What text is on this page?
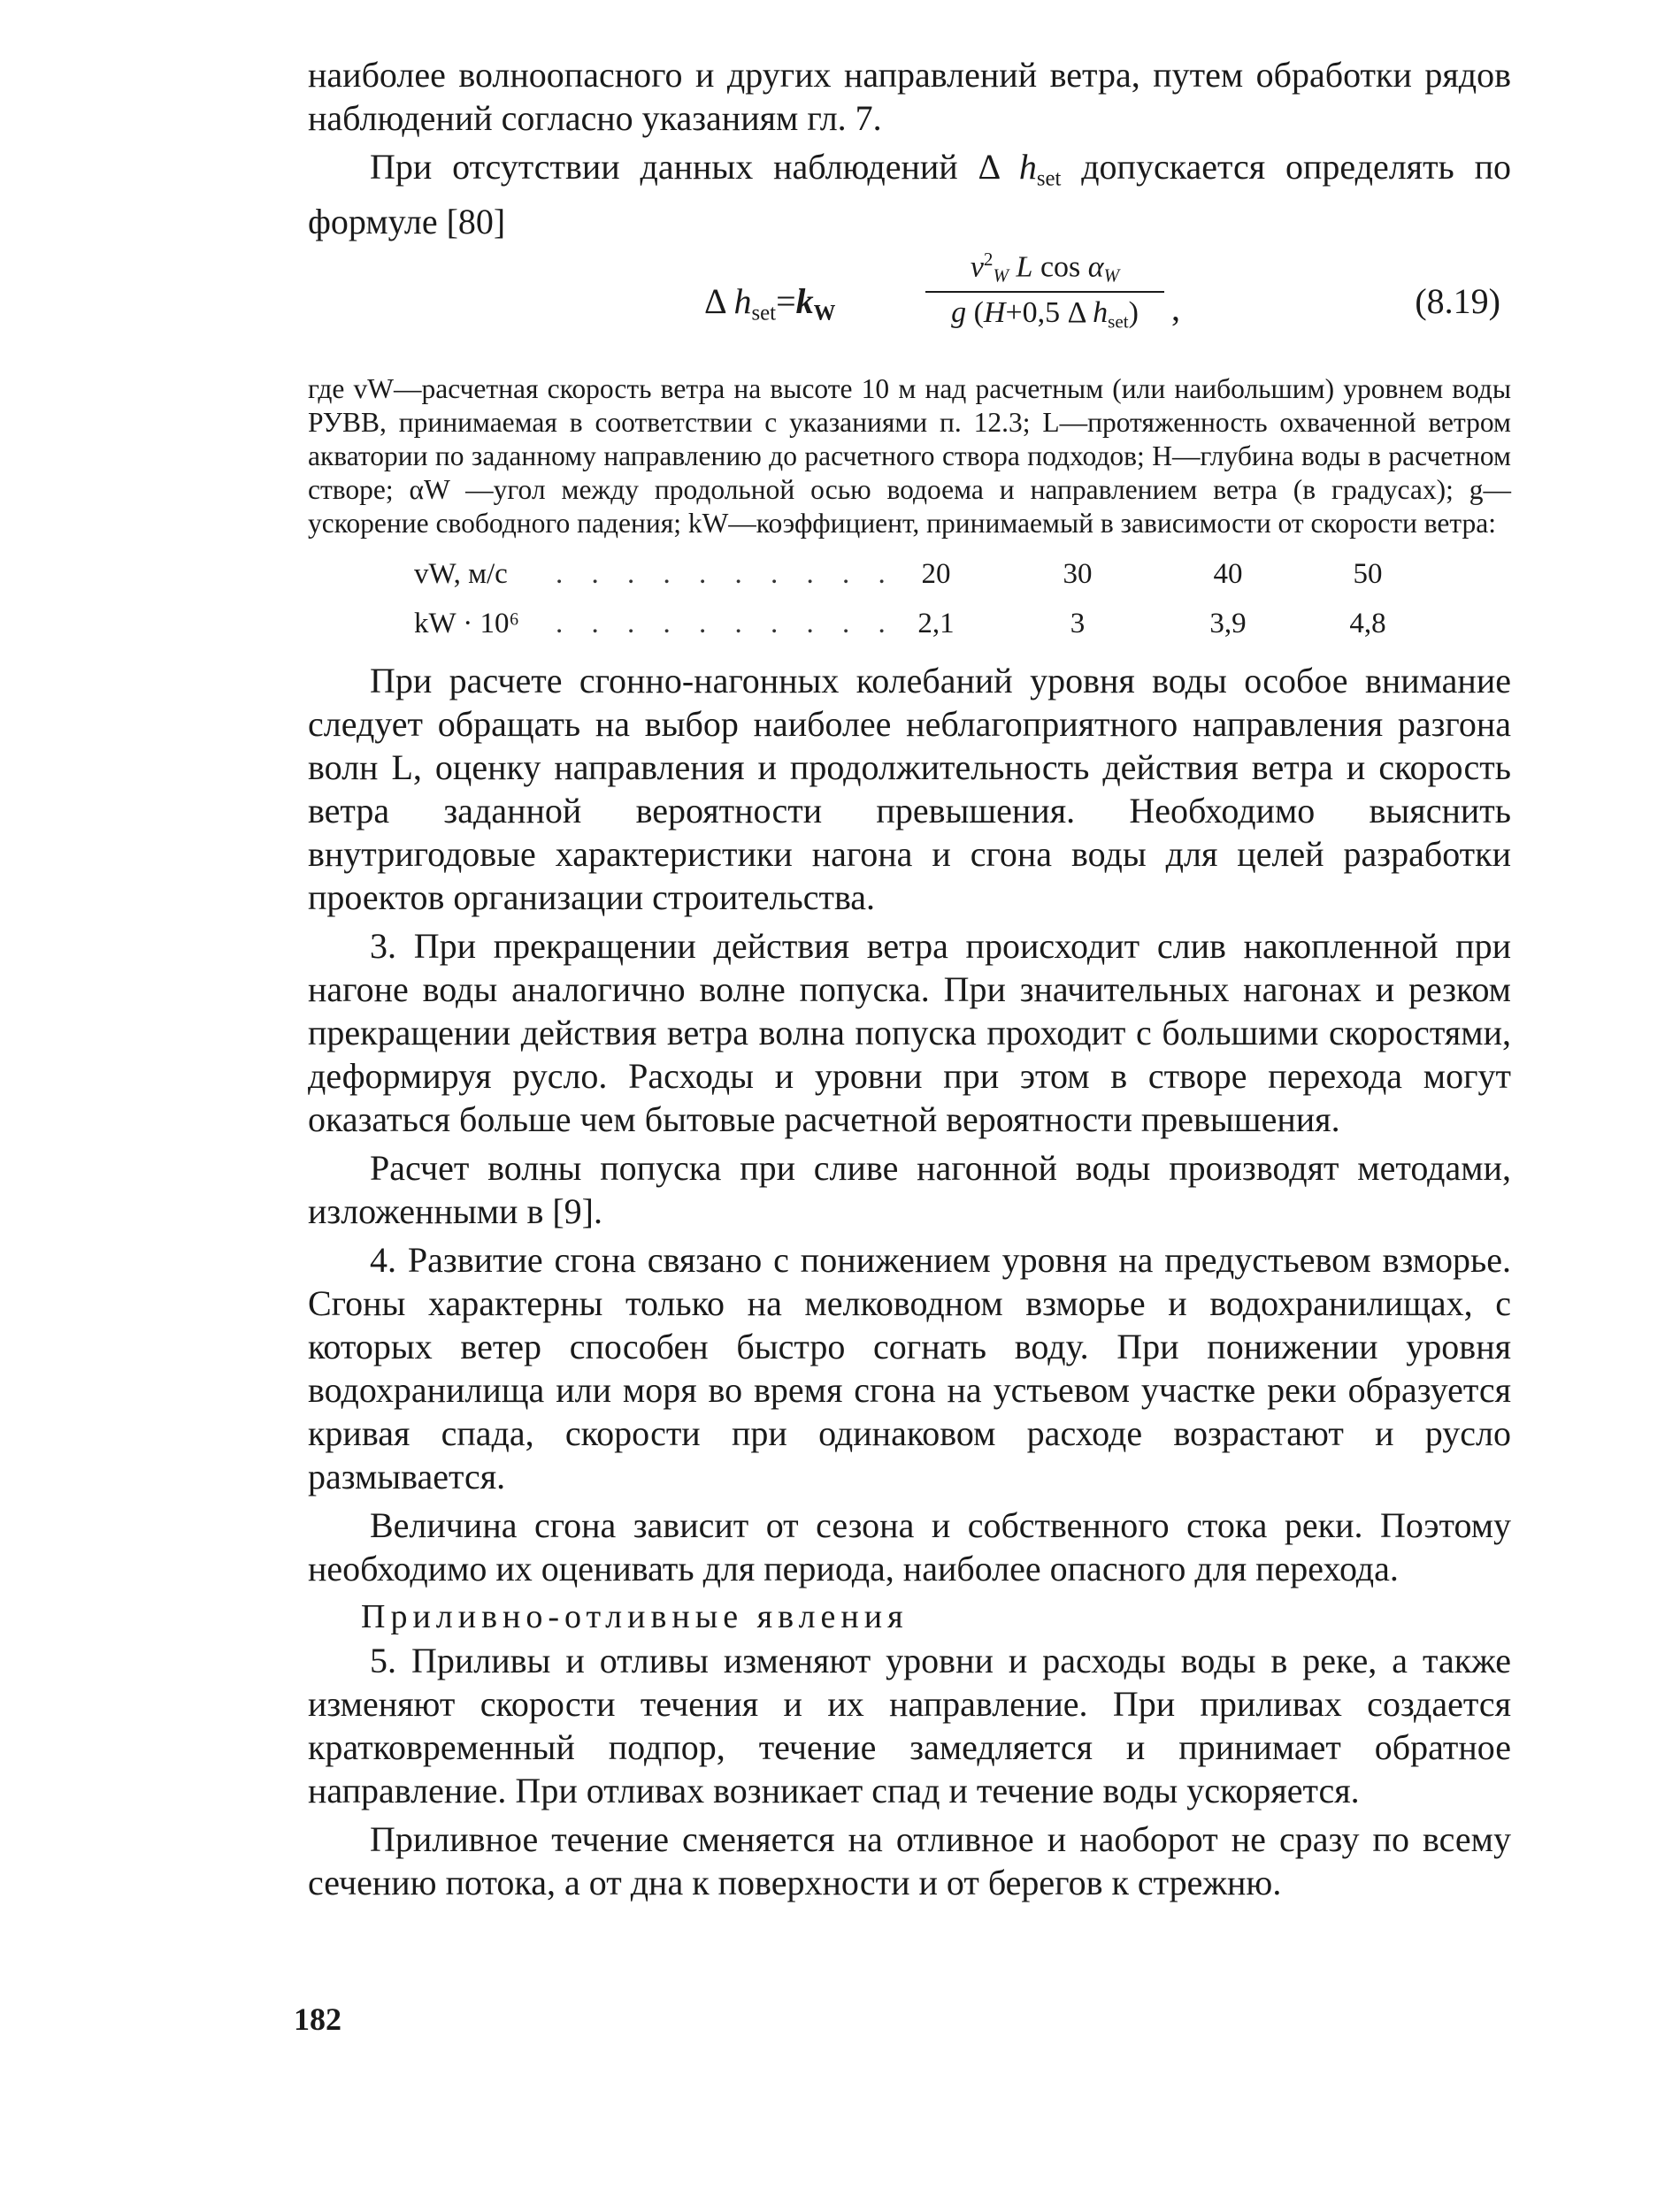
наиболее волноопасного и других направлений ветра, путем обработки рядов наблюдений согласно указаниям гл. 7.

При отсутствии данных наблюдений Δ $h_{set}$ допускается определять по формуле [80]

Δ $h_{set}=k_W$
$v^2_W$ L $\cos \alpha_W$
g (H+0,5 Δ $h_{set}$) ,	(8.19)

где vW—расчетная скорость ветра на высоте 10 м над расчетным (или наибольшим) уровнем воды РУВВ, принимаемая в соответствии с указаниями п. 12.3; L—протяженность охваченной ветром акватории по заданному направлению до расчетного створа подходов; H—глубина воды в расчетном створе; αW —угол между продольной осью водоема и направлением ветра (в градусах); g—ускорение свободного падения; kW—коэффициент, принимаемый в зависимости от скорости ветра:

vW, м/с . . . . . . . . . . 20	30	40	50
kW · 10⁶ . . . . . . . . . . 2,1	3	3,9	4,8

При расчете сгонно-нагонных колебаний уровня воды особое внимание следует обращать на выбор наиболее неблагоприятного направления разгона волн L, оценку направления и продолжительность действия ветра и скорость ветра заданной вероятности превышения. Необходимо выяснить внутригодовые характеристики нагона и сгона воды для целей разработки проектов организации строительства.

3. При прекращении действия ветра происходит слив накопленной при нагоне воды аналогично волне попуска. При значительных нагонах и резком прекращении действия ветра волна попуска проходит с большими скоростями, деформируя русло. Расходы и уровни при этом в створе перехода могут оказаться больше чем бытовые расчетной вероятности превышения.

Расчет волны попуска при сливе нагонной воды производят методами, изложенными в [9].

4. Развитие сгона связано с понижением уровня на предустьевом взморье. Сгоны характерны только на мелководном взморье и водохранилищах, с которых ветер способен быстро согнать воду. При понижении уровня водохранилища или моря во время сгона на устьевом участке реки образуется кривая спада, скорости при одинаковом расходе возрастают и русло размывается.

Величина сгона зависит от сезона и собственного стока реки. Поэтому необходимо их оценивать для периода, наиболее опасного для перехода.

Приливно-отливные явления

5. Приливы и отливы изменяют уровни и расходы воды в реке, а также изменяют скорости течения и их направление. При приливах создается кратковременный подпор, течение замедляется и принимает обратное направление. При отливах возникает спад и течение воды ускоряется.

Приливное течение сменяется на отливное и наоборот не сразу по всему сечению потока, а от дна к поверхности и от берегов к стрежню.

182
